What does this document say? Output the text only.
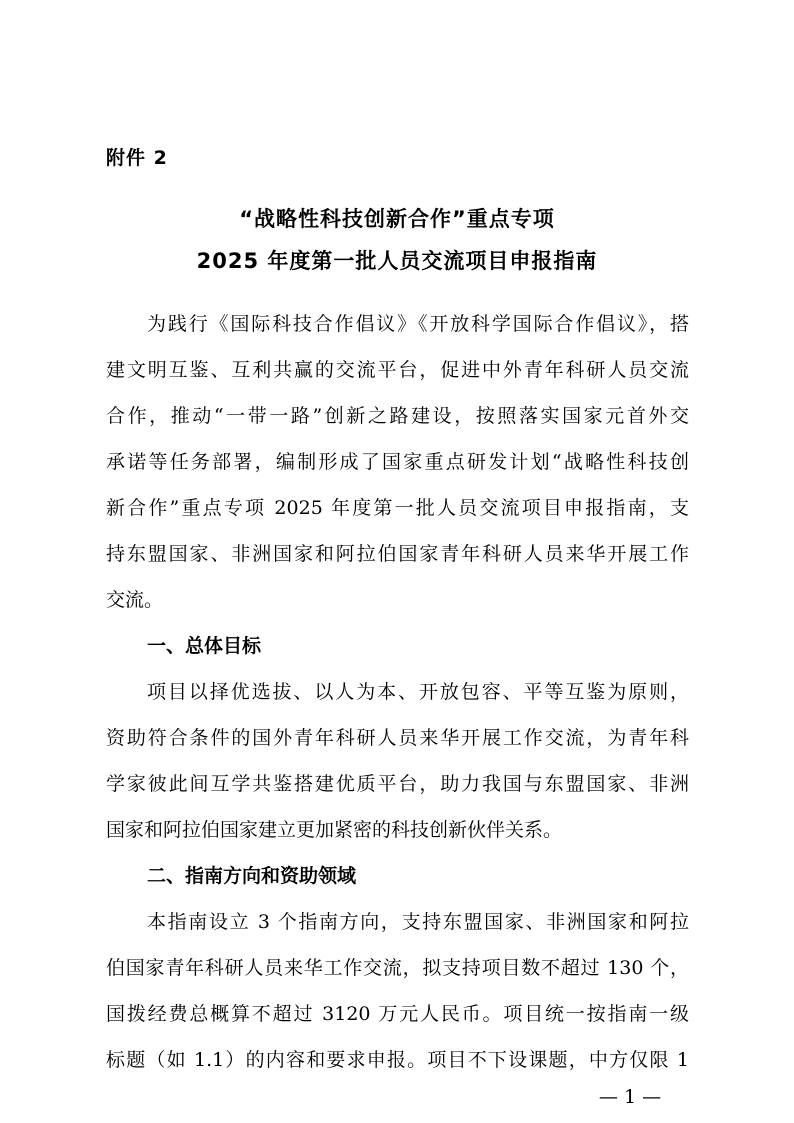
附件 2
“战略性科技创新合作”重点专项
2025 年度第一批人员交流项目申报指南
为践行《国际科技合作倡议》《开放科学国际合作倡议》，搭
建文明互鉴、互利共赢的交流平台，促进中外青年科研人员交流
合作，推动“一带一路”创新之路建设，按照落实国家元首外交
承诺等任务部署，编制形成了国家重点研发计划“战略性科技创
新合作”重点专项 2025 年度第一批人员交流项目申报指南，支
持东盟国家、非洲国家和阿拉伯国家青年科研人员来华开展工作
交流。
一、总体目标
项目以择优选拔、以人为本、开放包容、平等互鉴为原则，
资助符合条件的国外青年科研人员来华开展工作交流，为青年科
学家彼此间互学共鉴搭建优质平台，助力我国与东盟国家、非洲
国家和阿拉伯国家建立更加紧密的科技创新伙伴关系。
二、指南方向和资助领域
本指南设立 3 个指南方向，支持东盟国家、非洲国家和阿拉
伯国家青年科研人员来华工作交流，拟支持项目数不超过 130 个，
国拨经费总概算不超过 3120 万元人民币。项目统一按指南一级
标题（如 1.1）的内容和要求申报。项目不下设课题，中方仅限 1
— 1 —
